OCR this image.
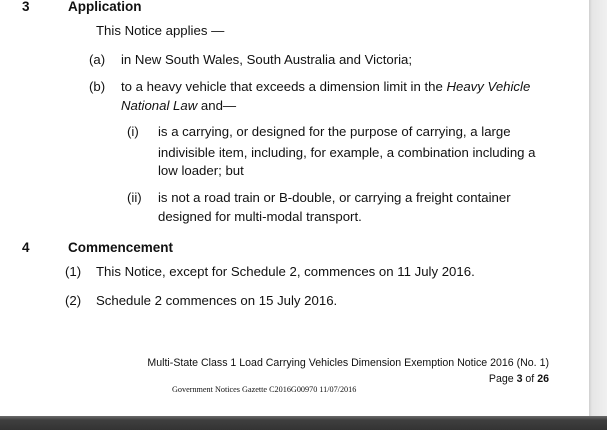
3	Application
This Notice applies —
(a) in New South Wales, South Australia and Victoria;
(b) to a heavy vehicle that exceeds a dimension limit in the Heavy Vehicle
National Law and—
(i) is a carrying, or designed for the purpose of carrying, a large
indivisible item, including, for example, a combination including a
low loader; but
(ii) is not a road train or B-double, or carrying a freight container
designed for multi-modal transport.
4	Commencement
(1) This Notice, except for Schedule 2, commences on 11 July 2016.
(2) Schedule 2 commences on 15 July 2016.
Multi-State Class 1 Load Carrying Vehicles Dimension Exemption Notice 2016 (No. 1)
Page 3 of 26
Government Notices Gazette C2016G00970 11/07/2016
